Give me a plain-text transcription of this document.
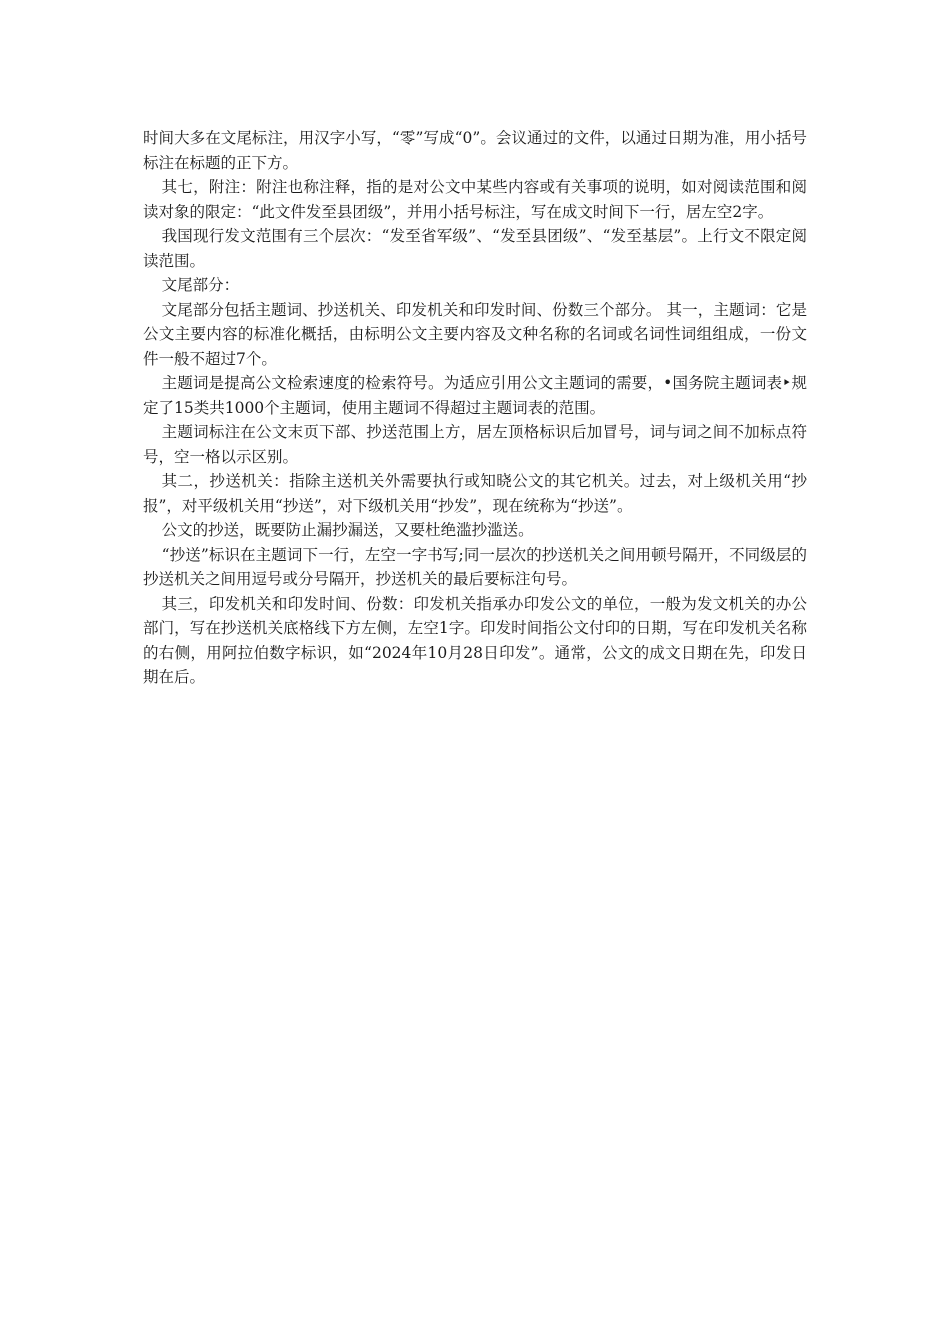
时间大多在文尾标注，用汉字小写，“零”写成“0”。会议通过的文件，以通过日期为准，用小括号标注在标题的正下方。

其七，附注：附注也称注释，指的是对公文中某些内容或有关事项的说明，如对阅读范围和阅读对象的限定：“此文件发至县团级”，并用小括号标注，写在成文时间下一行，居左空2字。

我国现行发文范围有三个层次：“发至省军级”、“发至县团级”、“发至基层”。上行文不限定阅读范围。

文尾部分：

文尾部分包括主题词、抄送机关、印发机关和印发时间、份数三个部分。 其一，主题词：它是公文主要内容的标准化概括，由标明公文主要内容及文种名称的名词或名词性词组组成，一份文件一般不超过7个。

主题词是提高公文检索速度的检索符号。为适应引用公文主题词的需要，•国务院主题词表‣规定了15类共1000个主题词，使用主题词不得超过主题词表的范围。

主题词标注在公文末页下部、抄送范围上方，居左顶格标识后加冒号，词与词之间不加标点符号，空一格以示区别。

其二，抄送机关：指除主送机关外需要执行或知晓公文的其它机关。过去，对上级机关用“抄报”，对平级机关用“抄送”，对下级机关用“抄发”，现在统称为“抄送”。

公文的抄送，既要防止漏抄漏送，又要杜绝滥抄滥送。

“抄送”标识在主题词下一行，左空一字书写;同一层次的抄送机关之间用顿号隔开，不同级层的抄送机关之间用逗号或分号隔开，抄送机关的最后要标注句号。

其三，印发机关和印发时间、份数：印发机关指承办印发公文的单位，一般为发文机关的办公部门，写在抄送机关底格线下方左侧，左空1字。印发时间指公文付印的日期，写在印发机关名称的右侧，用阿拉伯数字标识，如“2024年10月28日印发”。通常，公文的成文日期在先，印发日期在后。
